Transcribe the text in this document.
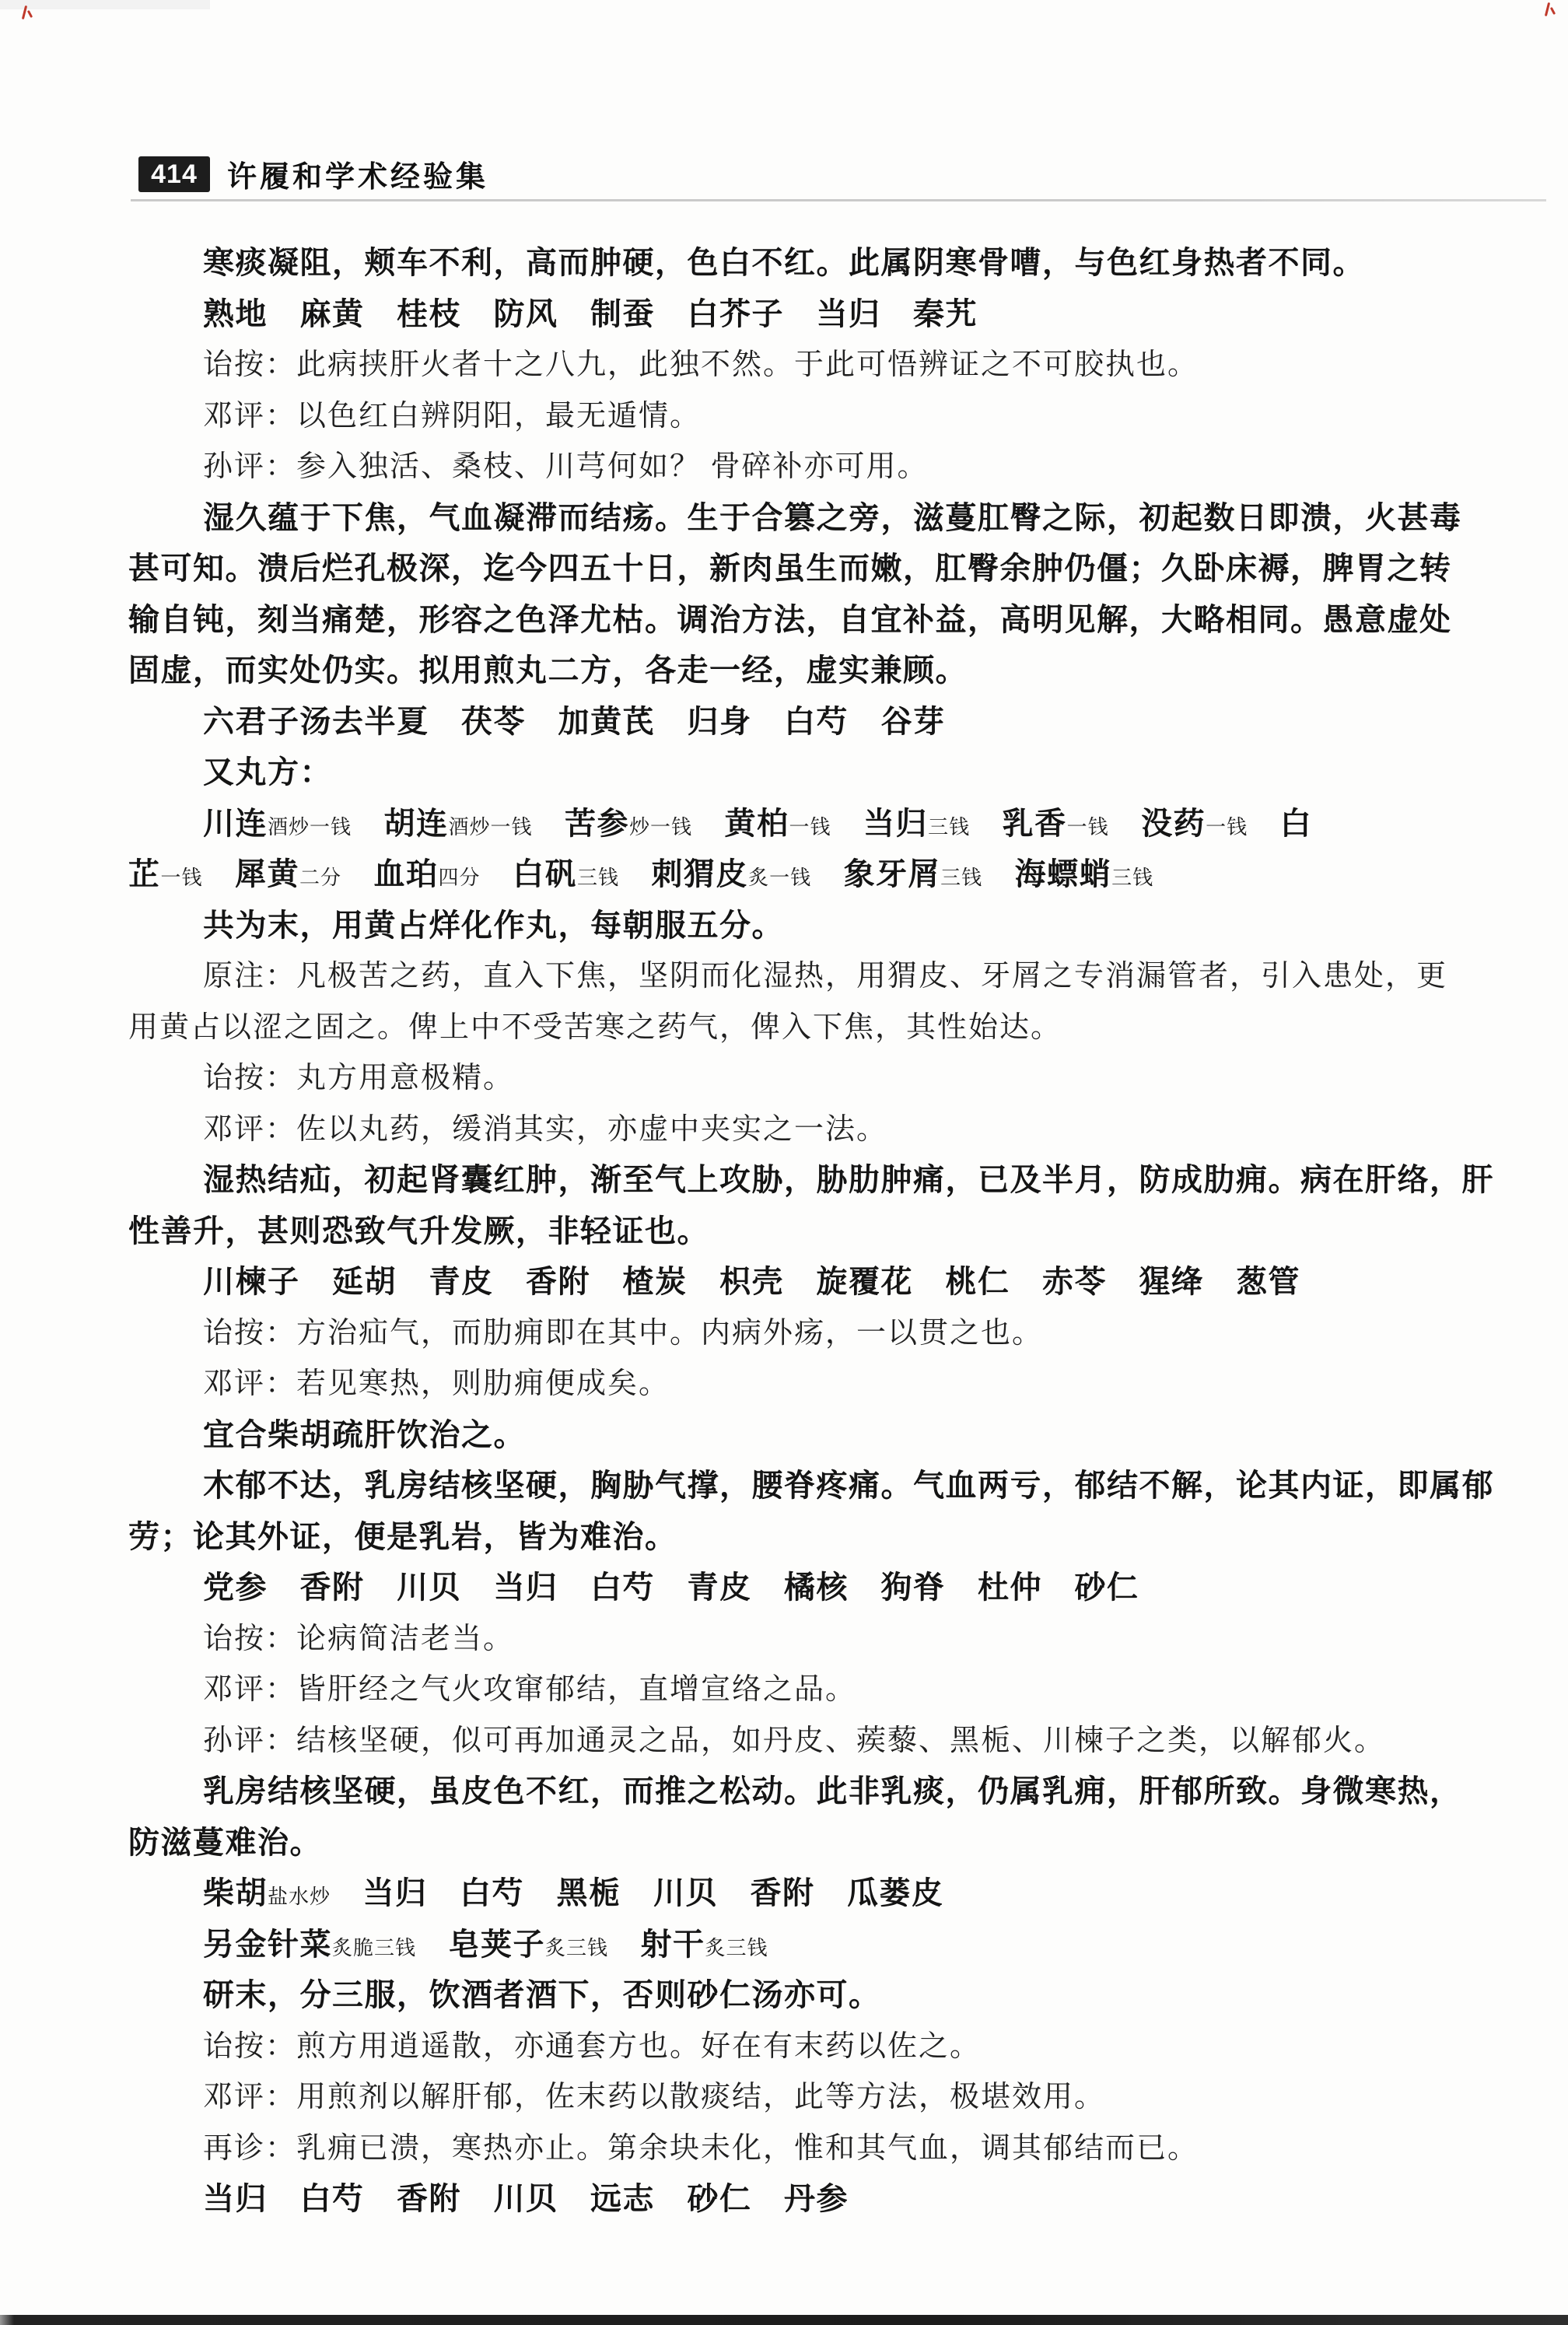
414	许履和学术经验集
寒痰凝阻，颊车不利，高而肿硬，色白不红。此属阴寒骨嘈，与色红身热者不同。
熟地　麻黄　桂枝　防风　制蚕　白芥子　当归　秦艽
诒按：此病挟肝火者十之八九，此独不然。于此可悟辨证之不可胶执也。
邓评：以色红白辨阴阳，最无遁情。
孙评：参入独活、桑枝、川芎何如？ 骨碎补亦可用。
湿久蕴于下焦，气血凝滞而结疡。生于合篡之旁，滋蔓肛臀之际，初起数日即溃，火甚毒
甚可知。溃后烂孔极深，迄今四五十日，新肉虽生而嫩，肛臀余肿仍僵；久卧床褥，脾胃之转
输自钝，刻当痛楚，形容之色泽尤枯。调治方法，自宜补益，高明见解，大略相同。愚意虚处
固虚，而实处仍实。拟用煎丸二方，各走一经，虚实兼顾。
六君子汤去半夏　茯苓　加黄芪　归身　白芍　谷芽
又丸方：
川连酒炒一钱　胡连酒炒一钱　苦参炒一钱　黄柏一钱　当归三钱　乳香一钱　没药一钱　白
芷一钱　犀黄二分　血珀四分　白矾三钱　刺猬皮炙一钱　象牙屑三钱　海螵蛸三钱
共为末，用黄占烊化作丸，每朝服五分。
原注：凡极苦之药，直入下焦，坚阴而化湿热，用猬皮、牙屑之专消漏管者，引入患处，更
用黄占以涩之固之。俾上中不受苦寒之药气，俾入下焦，其性始达。
诒按：丸方用意极精。
邓评：佐以丸药，缓消其实，亦虚中夹实之一法。
湿热结疝，初起肾囊红肿，渐至气上攻胁，胁肋肿痛，已及半月，防成肋痈。病在肝络，肝
性善升，甚则恐致气升发厥，非轻证也。
川楝子　延胡　青皮　香附　楂炭　枳壳　旋覆花　桃仁　赤苓　猩绛　葱管
诒按：方治疝气，而肋痈即在其中。内病外疡，一以贯之也。
邓评：若见寒热，则肋痈便成矣。
宜合柴胡疏肝饮治之。
木郁不达，乳房结核坚硬，胸胁气撑，腰脊疼痛。气血两亏，郁结不解，论其内证，即属郁
劳；论其外证，便是乳岩，皆为难治。
党参　香附　川贝　当归　白芍　青皮　橘核　狗脊　杜仲　砂仁
诒按：论病简洁老当。
邓评：皆肝经之气火攻窜郁结，直增宣络之品。
孙评：结核坚硬，似可再加通灵之品，如丹皮、蒺藜、黑栀、川楝子之类，以解郁火。
乳房结核坚硬，虽皮色不红，而推之松动。此非乳痰，仍属乳痈，肝郁所致。身微寒热，
防滋蔓难治。
柴胡盐水炒　当归　白芍　黑栀　川贝　香附　瓜蒌皮
另金针菜炙脆三钱　皂荚子炙三钱　射干炙三钱
研末，分三服，饮酒者酒下，否则砂仁汤亦可。
诒按：煎方用逍遥散，亦通套方也。好在有末药以佐之。
邓评：用煎剂以解肝郁，佐末药以散痰结，此等方法，极堪效用。
再诊：乳痈已溃，寒热亦止。第余块未化，惟和其气血，调其郁结而已。
当归　白芍　香附　川贝　远志　砂仁　丹参
